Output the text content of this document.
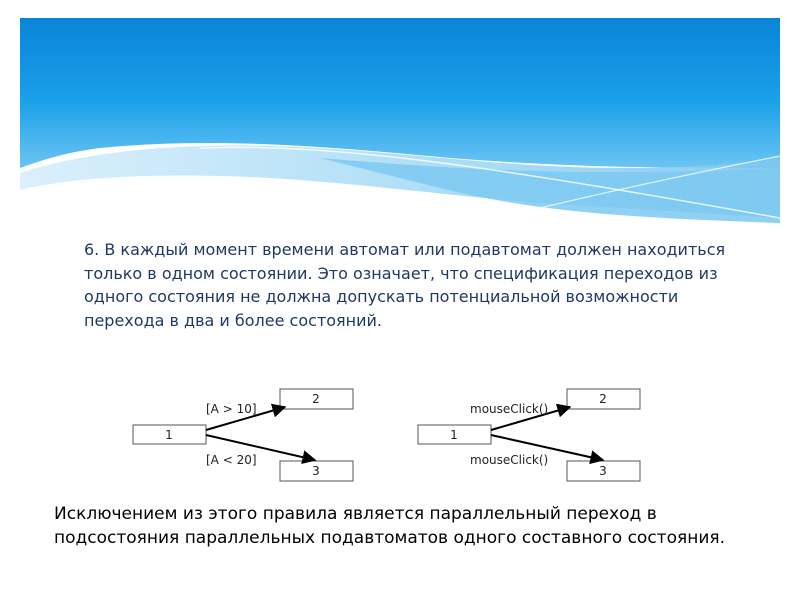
6. В каждый момент времени автомат или подавтомат должен находиться только в одном состоянии. Это означает, что спецификация переходов из одного состояния не должна допускать потенциальной возможности перехода в два и более состояний.

1
2
3
[A > 10]
[A < 20]
1
2
3
mouseClick()
mouseClick()

Исключением из этого правила является параллельный переход в подсостояния параллельных подавтоматов одного составного состояния.
